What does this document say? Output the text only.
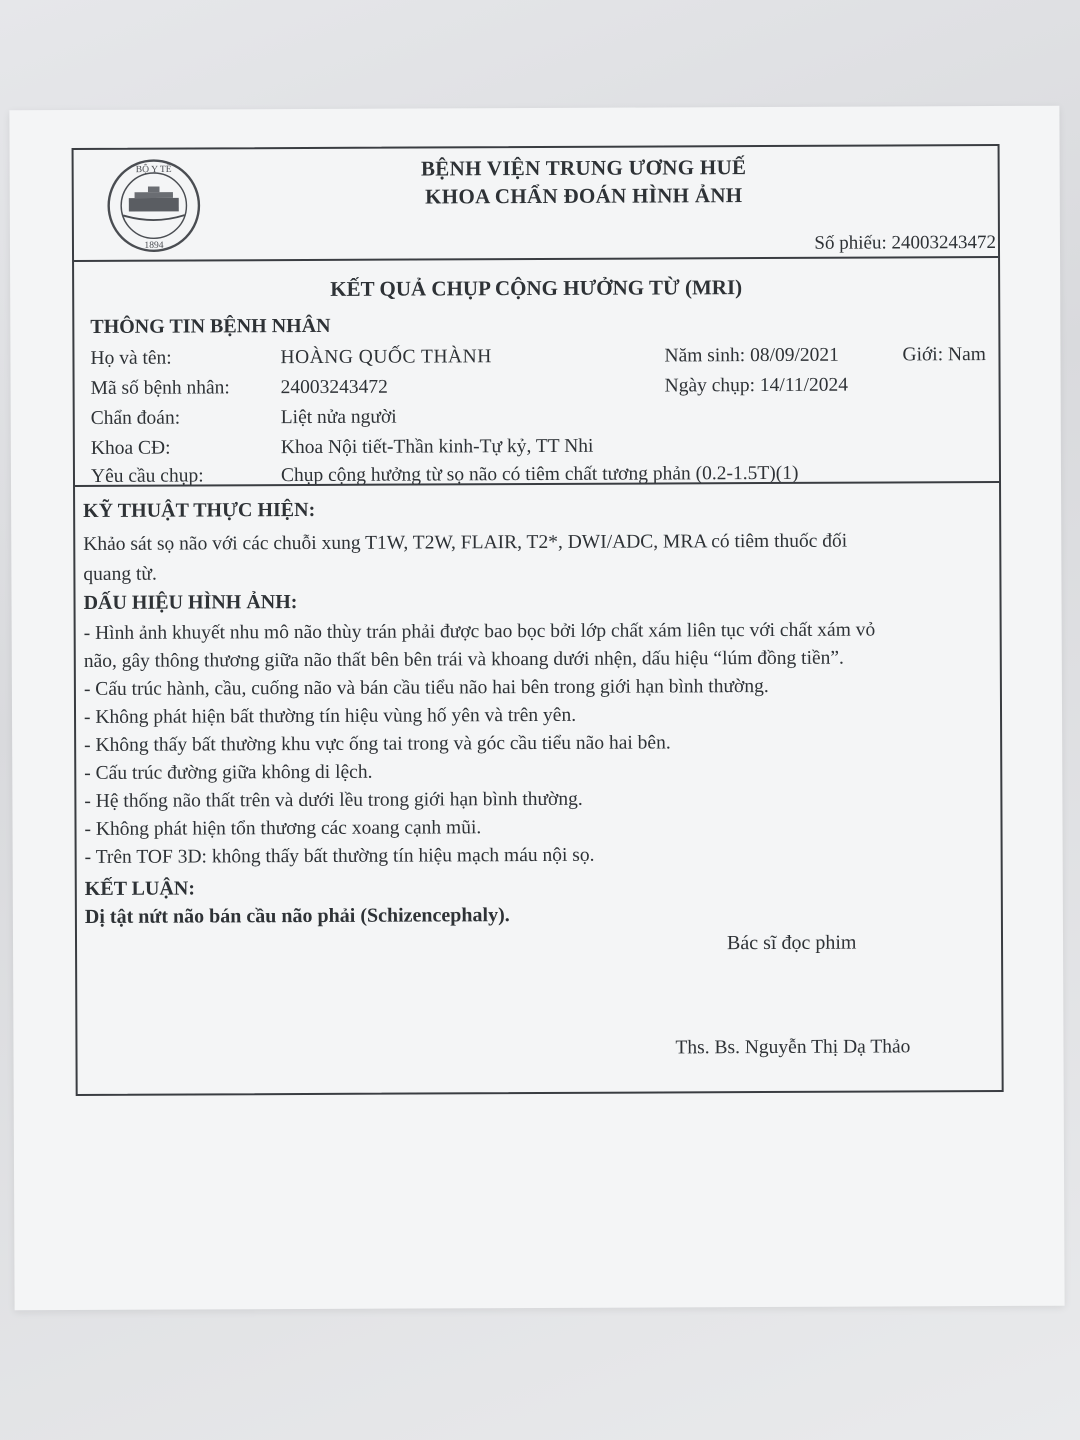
BỘ Y TẾ
1894
BỆNH VIỆN TRUNG ƯƠNG HUẾ
KHOA CHẨN ĐOÁN HÌNH ẢNH
Số phiếu: 24003243472
KẾT QUẢ CHỤP CỘNG HƯỞNG TỪ (MRI)
THÔNG TIN BỆNH NHÂN
Họ và tên:	HOÀNG QUỐC THÀNH	Năm sinh: 08/09/2021	Giới: Nam
Mã số bệnh nhân:	24003243472	Ngày chụp: 14/11/2024
Chẩn đoán:	Liệt nửa người
Khoa CĐ:	Khoa Nội tiết-Thần kinh-Tự kỷ, TT Nhi
Yêu cầu chụp:	Chụp cộng hưởng từ sọ não có tiêm chất tương phản (0.2-1.5T)(1)
KỸ THUẬT THỰC HIỆN:
Khảo sát sọ não với các chuỗi xung T1W, T2W, FLAIR, T2*, DWI/ADC, MRA có tiêm thuốc đối
quang từ.
DẤU HIỆU HÌNH ẢNH:
- Hình ảnh khuyết nhu mô não thùy trán phải được bao bọc bởi lớp chất xám liên tục với chất xám vỏ
não, gây thông thương giữa não thất bên bên trái và khoang dưới nhện, dấu hiệu “lúm đồng tiền”.
- Cấu trúc hành, cầu, cuống não và bán cầu tiểu não hai bên trong giới hạn bình thường.
- Không phát hiện bất thường tín hiệu vùng hố yên và trên yên.
- Không thấy bất thường khu vực ống tai trong và góc cầu tiểu não hai bên.
- Cấu trúc đường giữa không di lệch.
- Hệ thống não thất trên và dưới lều trong giới hạn bình thường.
- Không phát hiện tổn thương các xoang cạnh mũi.
- Trên TOF 3D: không thấy bất thường tín hiệu mạch máu nội sọ.
KẾT LUẬN:
Dị tật nứt não bán cầu não phải (Schizencephaly).
Bác sĩ đọc phim
Ths. Bs. Nguyễn Thị Dạ Thảo
